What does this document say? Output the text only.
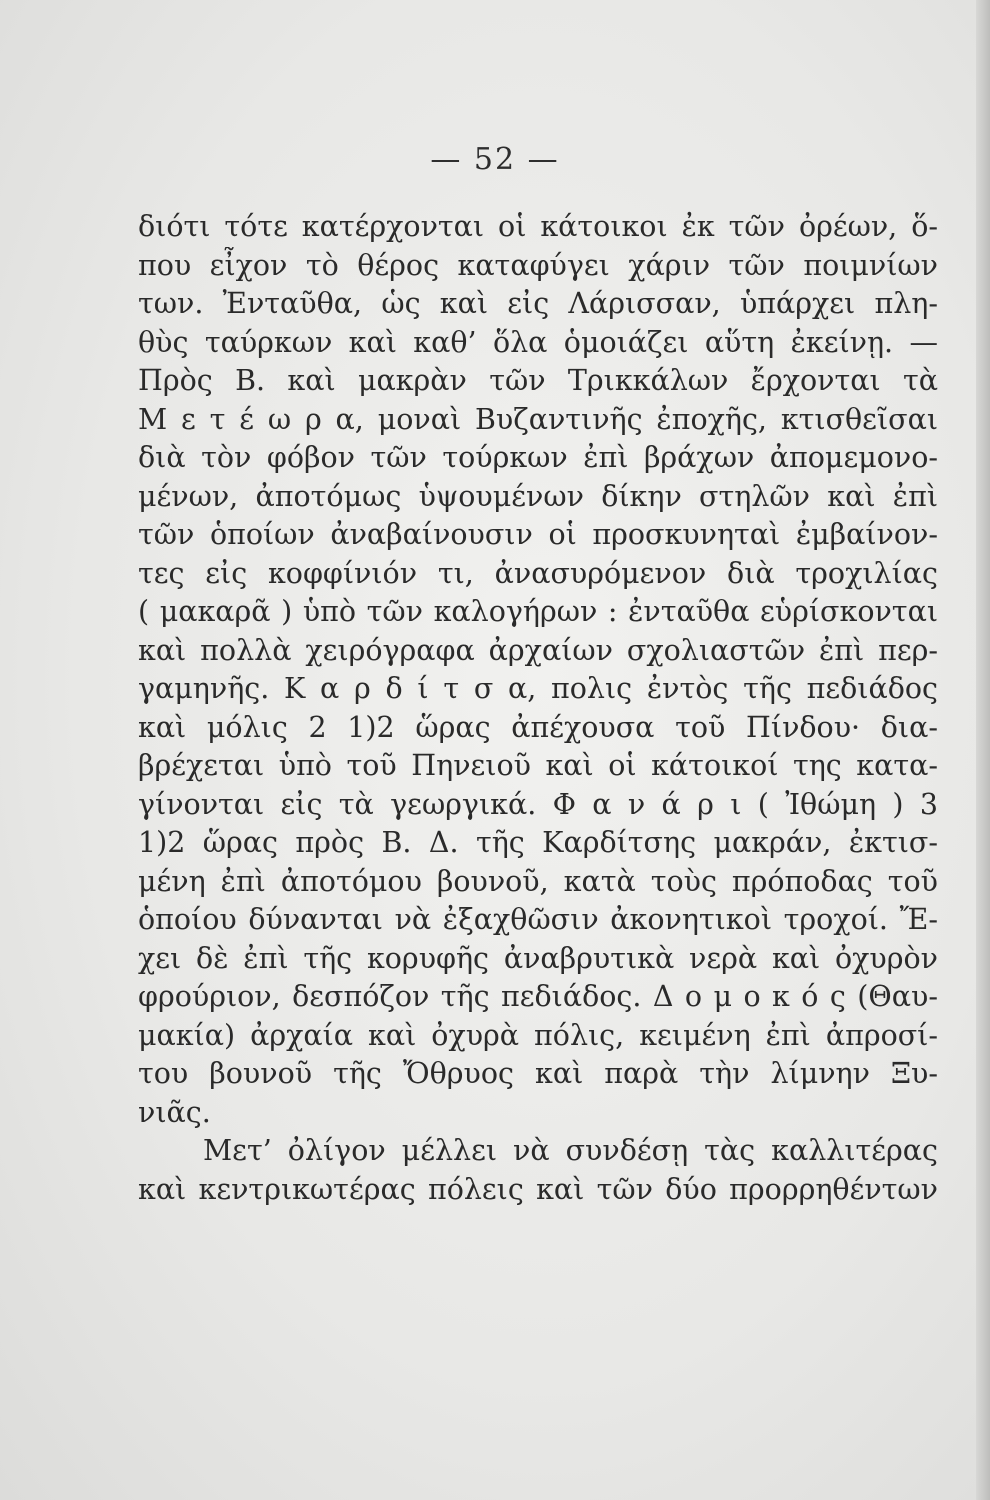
— 52 —
διότι τότε κατέρχονται οἱ κάτοικοι ἐκ τῶν ὀρέων, ὅ-
που εἶχον τὸ θέρος καταφύγει χάριν τῶν ποιμνίων
των. Ἐνταῦθα, ὡς καὶ εἰς Λάρισσαν, ὑπάρχει πλη-
θὺς ταύρκων καὶ καθ’ ὅλα ὁμοιάζει αὕτη ἐκείνῃ. —
Πρὸς Β. καὶ μακρὰν τῶν Τρικκάλων ἔρχονται τὰ
Μ ε τ έ ω ρ α, μοναὶ Βυζαντινῆς ἐποχῆς, κτισθεῖσαι
διὰ τὸν φόβον τῶν τούρκων ἐπὶ βράχων ἀπομεμονο-
μένων, ἀποτόμως ὑψουμένων δίκην στηλῶν καὶ ἐπὶ
τῶν ὁποίων ἀναβαίνουσιν οἱ προσκυνηταὶ ἐμβαίνον-
τες εἰς κοφφίνιόν τι, ἀνασυρόμενον διὰ τροχιλίας
( μακαρᾶ ) ὑπὸ τῶν καλογήρων : ἐνταῦθα εὑρίσκονται
καὶ πολλὰ χειρόγραφα ἀρχαίων σχολιαστῶν ἐπὶ περ-
γαμηνῆς. Κ α ρ δ ί τ σ α, πολις ἐντὸς τῆς πεδιάδος
καὶ μόλις 2 1)2 ὥρας ἀπέχουσα τοῦ Πίνδου· δια-
βρέχεται ὑπὸ τοῦ Πηνειοῦ καὶ οἱ κάτοικοί της κατα-
γίνονται εἰς τὰ γεωργικά. Φ α ν ά ρ ι ( Ἰθώμη ) 3
1)2 ὥρας πρὸς Β. Δ. τῆς Καρδίτσης μακράν, ἐκτισ-
μένη ἐπὶ ἀποτόμου βουνοῦ, κατὰ τοὺς πρόποδας τοῦ
ὁποίου δύνανται νὰ ἐξαχθῶσιν ἀκονητικοὶ τροχοί. Ἔ-
χει δὲ ἐπὶ τῆς κορυφῆς ἀναβρυτικὰ νερὰ καὶ ὀχυρὸν
φρούριον, δεσπόζον τῆς πεδιάδος. Δ ο μ ο κ ό ς (Θαυ-
μακία) ἀρχαία καὶ ὀχυρὰ πόλις, κειμένη ἐπὶ ἀπροσί-
του βουνοῦ τῆς Ὄθρυος καὶ παρὰ τὴν λίμνην Ξυ-
νιᾶς.
Μετ’ ὀλίγον μέλλει νὰ συνδέσῃ τὰς καλλιτέρας
καὶ κεντρικωτέρας πόλεις καὶ τῶν δύο προρρηθέντων
